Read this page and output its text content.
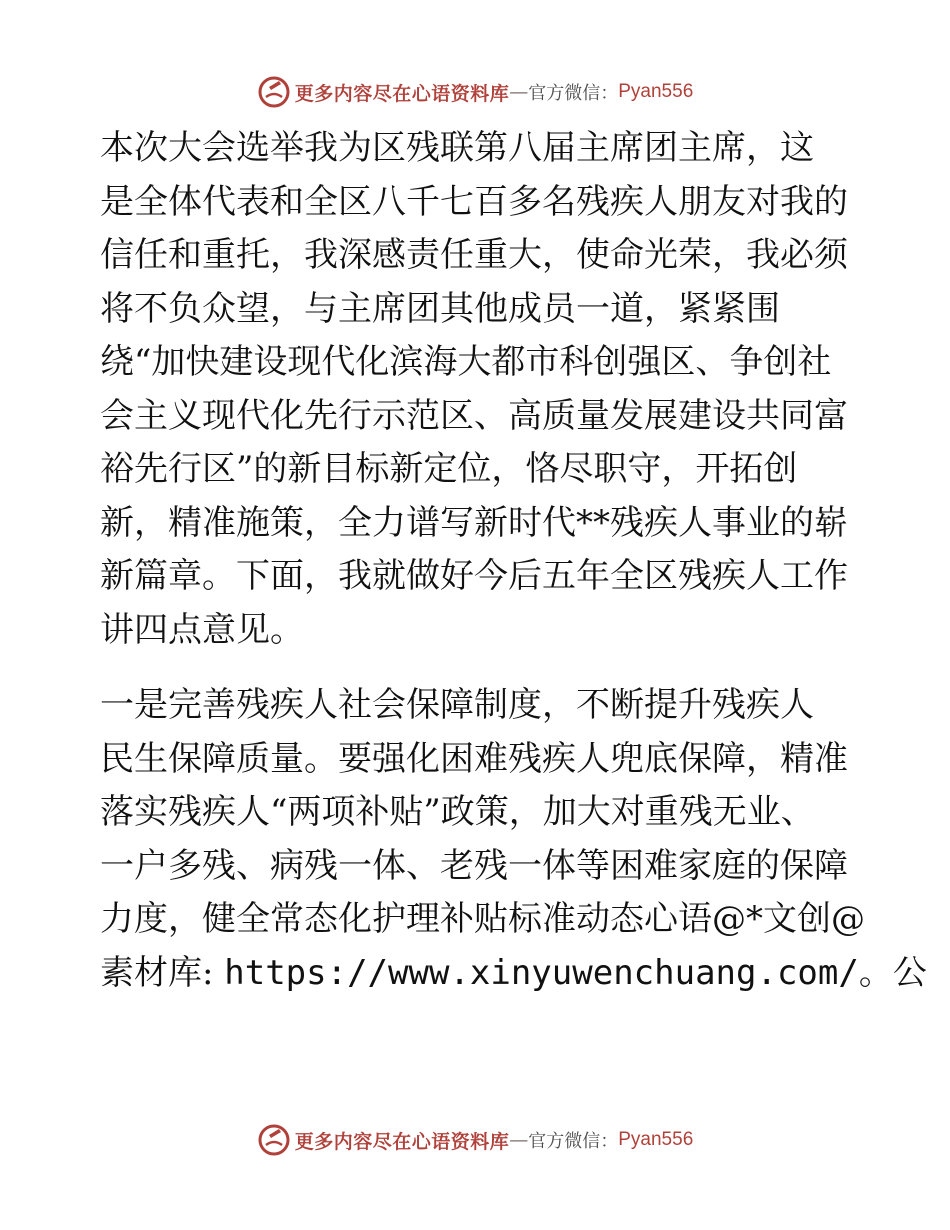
更多内容尽在心语资料库 — 官方微信： Pyan556

本次大会选举我为区残联第八届主席团主席，这
是全体代表和全区八千七百多名残疾人朋友对我的
信任和重托，我深感责任重大，使命光荣，我必须
将不负众望，与主席团其他成员一道，紧紧围
绕“加快建设现代化滨海大都市科创强区、争创社
会主义现代化先行示范区、高质量发展建设共同富
裕先行区”的新目标新定位，恪尽职守，开拓创
新，精准施策，全力谱写新时代**残疾人事业的崭
新篇章。下面，我就做好今后五年全区残疾人工作
讲四点意见。

一是完善残疾人社会保障制度，不断提升残疾人
民生保障质量。要强化困难残疾人兜底保障，精准
落实残疾人“两项补贴”政策，加大对重残无业、
一户多残、病残一体、老残一体等困难家庭的保障
力度，健全常态化护理补贴标准动态心语@*文创@
素材库: https://www.xinyuwenchuang.com/。公

更多内容尽在心语资料库 — 官方微信： Pyan556
